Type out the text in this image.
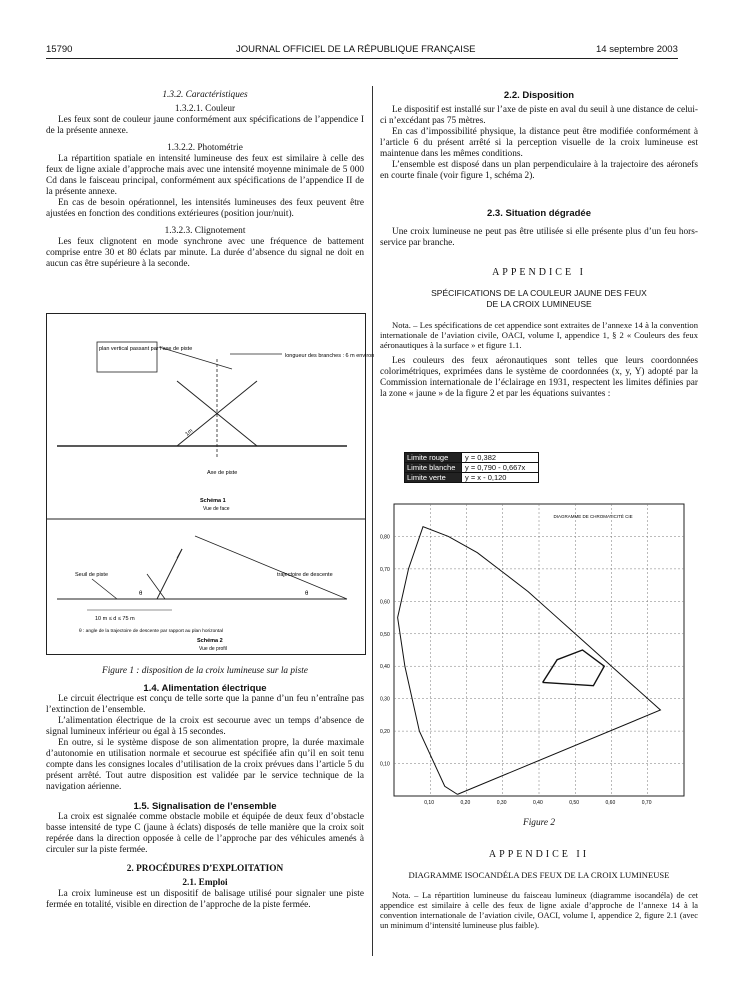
15790	JOURNAL OFFICIEL DE LA RÉPUBLIQUE FRANÇAISE	14 septembre 2003
1.3.2. Caractéristiques
1.3.2.1. Couleur

Les feux sont de couleur jaune conformément aux spécifications de l’appendice I de la présente annexe.

1.3.2.2. Photométrie

La répartition spatiale en intensité lumineuse des feux est similaire à celle des feux de ligne axiale d’approche mais avec une intensité moyenne minimale de 5 000 Cd dans le faisceau principal, conformément aux spécifications de l’appendice II de la présente annexe.

En cas de besoin opérationnel, les intensités lumineuses des feux peuvent être ajustées en fonction des conditions extérieures (position jour/nuit).

1.3.2.3. Clignotement

Les feux clignotent en mode synchrone avec une fréquence de battement comprise entre 30 et 80 éclats par minute. La durée d’absence du signal ne doit en aucun cas être supérieure à la seconde.

plan vertical passant par l’axe de piste
longueur des branches : 6 m environ
1m
Axe de piste
Schéma 1
Vue de face
Seuil de piste	trajectoire de descente
θ	θ
10 m ≤ d ≤ 75 m
θ : angle de la trajectoire de descente par rapport au plan horizontal
Schéma 2
Vue de profil
Figure 1 : disposition de la croix lumineuse sur la piste
1.4. Alimentation électrique

Le circuit électrique est conçu de telle sorte que la panne d’un feu n’entraîne pas l’extinction de l’ensemble.

L’alimentation électrique de la croix est secourue avec un temps d’absence de signal lumineux inférieur ou égal à 15 secondes.

En outre, si le système dispose de son alimentation propre, la durée maximale d’autonomie en utilisation normale et secourue est spécifiée afin qu’il en soit tenu compte dans les consignes locales d’utilisation de la croix prévues dans l’article 5 du présent arrêté. Tout autre disposition est validée par le service technique de la navigation aérienne.

1.5. Signalisation de l’ensemble

La croix est signalée comme obstacle mobile et équipée de deux feux d’obstacle basse intensité de type C (jaune à éclats) disposés de telle manière que la croix soit repérée dans la direction opposée à celle de l’approche par des véhicules amenés à circuler sur la piste fermée.

2. PROCÉDURES D’EXPLOITATION
2.1. Emploi

La croix lumineuse est un dispositif de balisage utilisé pour signaler une piste fermée en totalité, visible en direction de l’approche de la piste fermée.

2.2. Disposition

Le dispositif est installé sur l’axe de piste en aval du seuil à une distance de celui-ci n’excédant pas 75 mètres.

En cas d’impossibilité physique, la distance peut être modifiée conformément à l’article 6 du présent arrêté si la perception visuelle de la croix lumineuse est maintenue dans les mêmes conditions.

L’ensemble est disposé dans un plan perpendiculaire à la trajectoire des aéronefs en courte finale (voir figure 1, schéma 2).

2.3. Situation dégradée

Une croix lumineuse ne peut pas être utilisée si elle présente plus d’un feu hors-service par branche.

APPENDICE I
SPÉCIFICATIONS DE LA COULEUR JAUNE DES FEUX
DE LA CROIX LUMINEUSE

Nota. – Les spécifications de cet appendice sont extraites de l’annexe 14 à la convention internationale de l’aviation civile, OACI, volume I, appendice 1, § 2 « Couleurs des feux aéronautiques à la surface » et figure 1.1.

Les couleurs des feux aéronautiques sont telles que leurs coordonnées colorimétriques, exprimées dans le système de coordonnées (x, y, Y) adopté par la Commission internationale de l’éclairage en 1931, respectent les limites définies par la zone « jaune » de la figure 2 et par les équations suivantes :

Limite rouge	y = 0,382
Limite blanche	y = 0,790 - 0,667x
Limite verte	y = x - 0,120
0,10	0,20	0,30	0,40	0,50	0,60	0,70
0,10
0,20
0,30
0,40
0,50
0,60
0,70
0,80
DIAGRAMME DE CHROMATICITÉ CIE
Figure 2
APPENDICE II
DIAGRAMME ISOCANDÉLA DES FEUX DE LA CROIX LUMINEUSE

Nota. – La répartition lumineuse du faisceau lumineux (diagramme isocandéla) de cet appendice est similaire à celle des feux de ligne axiale d’approche de l’annexe 14 à la convention internationale de l’aviation civile, OACI, volume I, appendice 2, figure 2.1 (avec un minimum d’intensité lumineuse plus faible).
